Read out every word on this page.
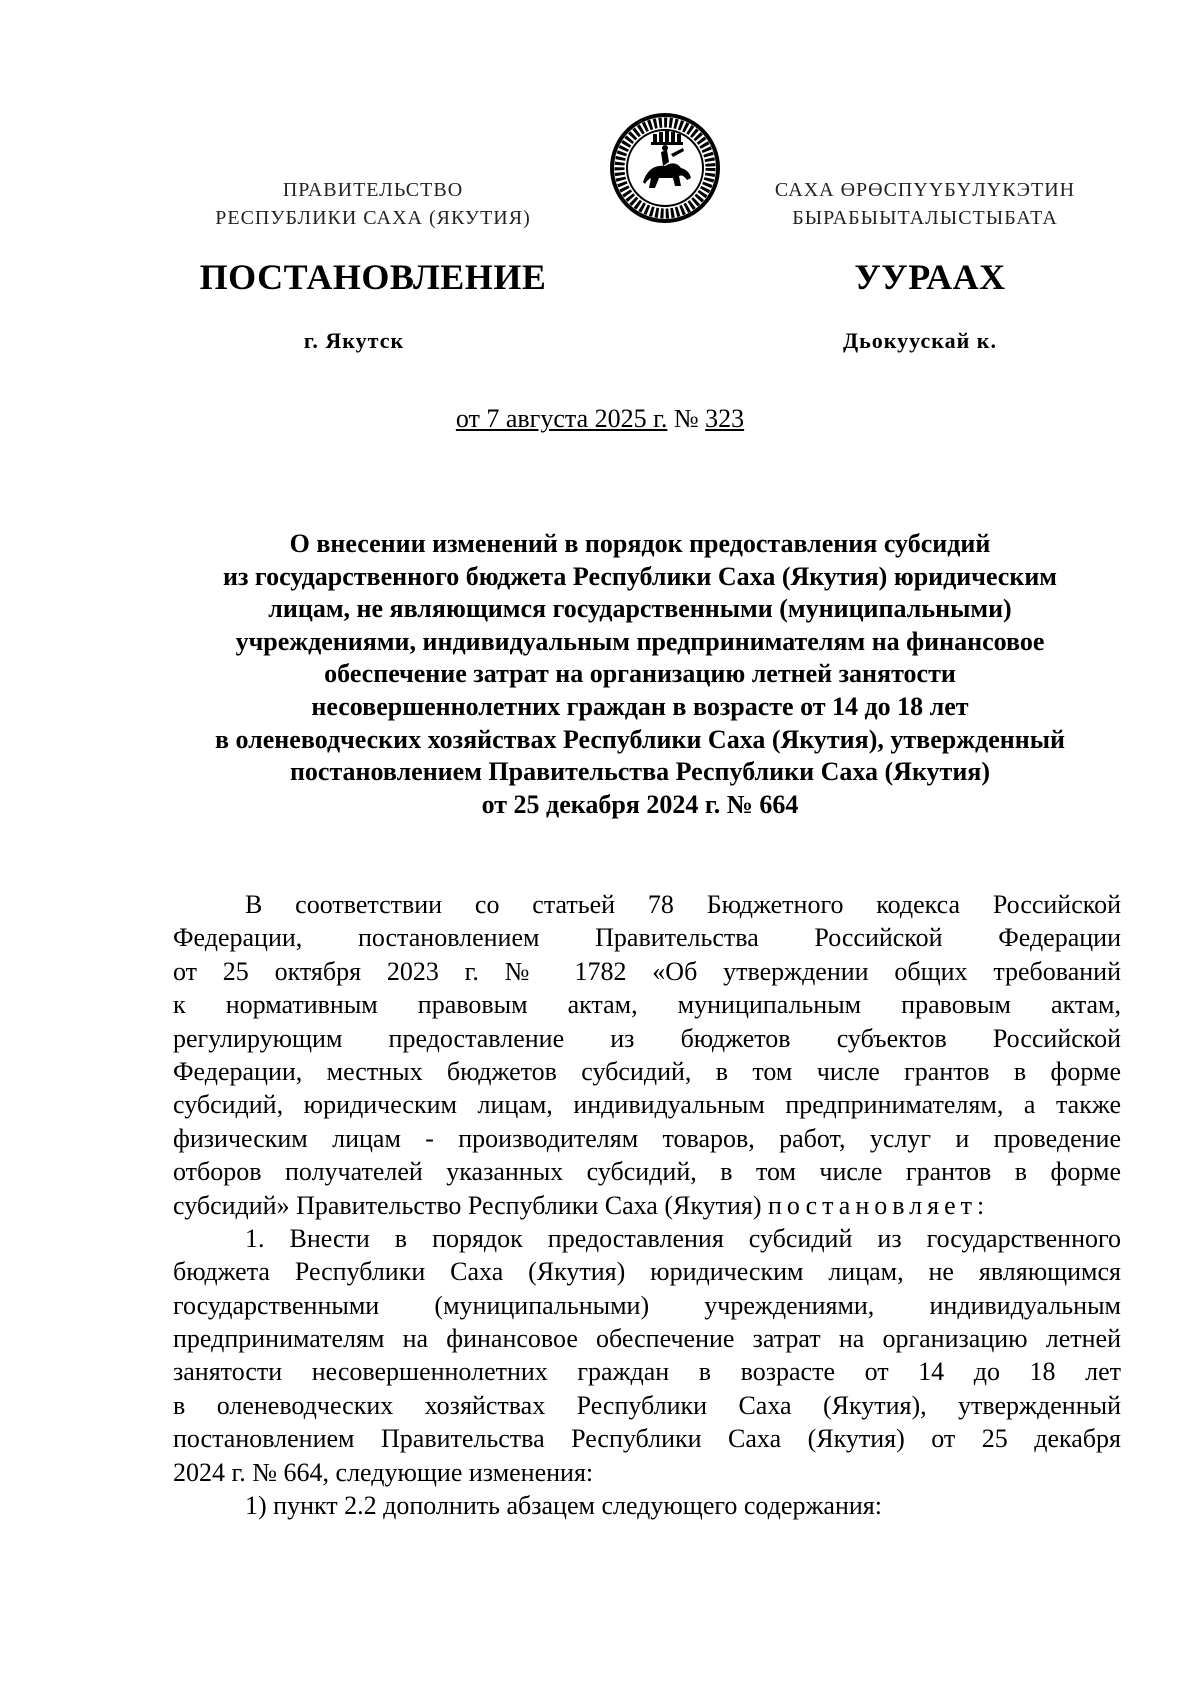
ПРАВИТЕЛЬСТВО
РЕСПУБЛИКИ САХА (ЯКУТИЯ)
САХА ӨРӨСПҮҮБҮЛҮКЭТИН
БЫРАБЫЫТАЛЫСТЫБАТА
ПОСТАНОВЛЕНИЕ	УУРААХ
г. Якутск	Дьокуускай к.
от 7 августа 2025 г. № 323
О внесении изменений в порядок предоставления субсидий
из государственного бюджета Республики Саха (Якутия) юридическим
лицам, не являющимся государственными (муниципальными)
учреждениями, индивидуальным предпринимателям на финансовое
обеспечение затрат на организацию летней занятости
несовершеннолетних граждан в возрасте от 14 до 18 лет
в оленеводческих хозяйствах Республики Саха (Якутия), утвержденный
постановлением Правительства Республики Саха (Якутия)
от 25 декабря 2024 г. № 664
В соответствии со статьей 78 Бюджетного кодекса Российской
Федерации, постановлением Правительства Российской Федерации
от 25 октября 2023 г. № 1782 «Об утверждении общих требований
к нормативным правовым актам, муниципальным правовым актам,
регулирующим предоставление из бюджетов субъектов Российской
Федерации, местных бюджетов субсидий, в том числе грантов в форме
субсидий, юридическим лицам, индивидуальным предпринимателям, а также
физическим лицам - производителям товаров, работ, услуг и проведение
отборов получателей указанных субсидий, в том числе грантов в форме
субсидий» Правительство Республики Саха (Якутия) постановляет:
1. Внести в порядок предоставления субсидий из государственного
бюджета Республики Саха (Якутия) юридическим лицам, не являющимся
государственными (муниципальными) учреждениями, индивидуальным
предпринимателям на финансовое обеспечение затрат на организацию летней
занятости несовершеннолетних граждан в возрасте от 14 до 18 лет
в оленеводческих хозяйствах Республики Саха (Якутия), утвержденный
постановлением Правительства Республики Саха (Якутия) от 25 декабря
2024 г. № 664, следующие изменения:
1) пункт 2.2 дополнить абзацем следующего содержания:
